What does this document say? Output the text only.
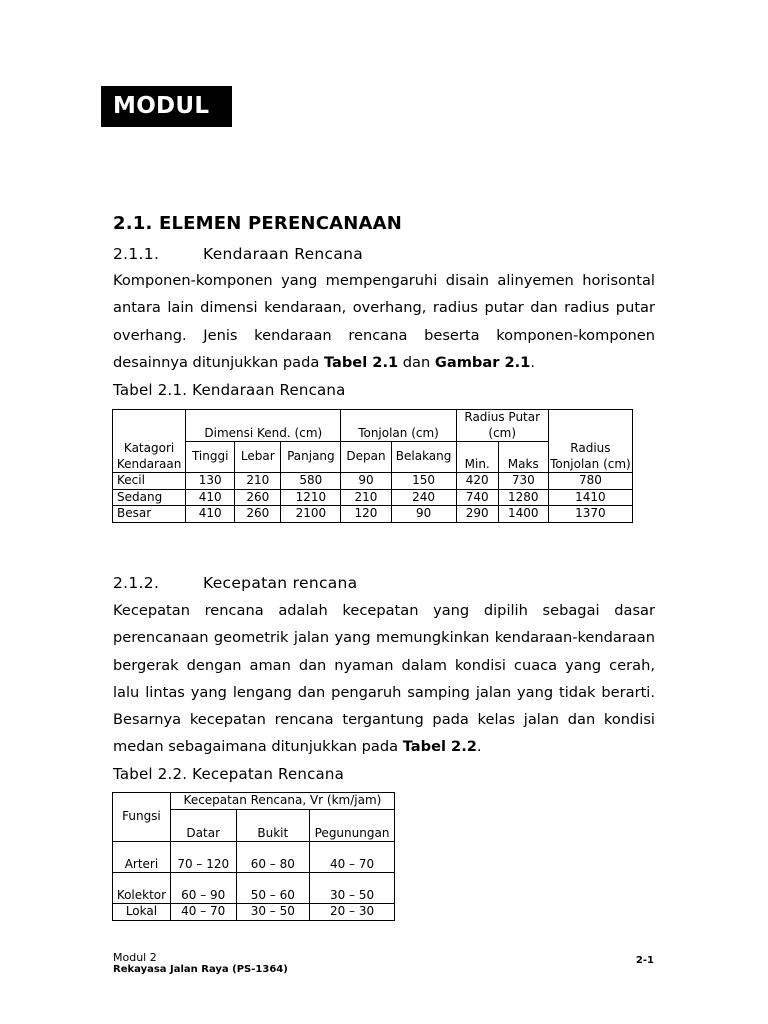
MODUL 2
2.1. ELEMEN PERENCANAAN
2.1.1.	Kendaraan Rencana

Komponen-komponen yang mempengaruhi disain alinyemen horisontal antara lain dimensi kendaraan, overhang, radius putar dan radius putar overhang. Jenis kendaraan rencana beserta komponen-komponen desainnya ditunjukkan pada Tabel 2.1 dan Gambar 2.1.

Tabel 2.1. Kendaraan Rencana
Katagori Kendaraan	Dimensi Kend. (cm)			Tonjolan (cm)		Radius Putar (cm)		Radius Tonjolan (cm)
	Tinggi	Lebar	Panjang	Depan	Belakang	Min.	Maks	
Kecil	130	210	580	90	150	420	730	780
Sedang	410	260	1210	210	240	740	1280	1410
Besar	410	260	2100	120	90	290	1400	1370
2.1.2.	Kecepatan rencana

Kecepatan rencana adalah kecepatan yang dipilih sebagai dasar perencanaan geometrik jalan yang memungkinkan kendaraan-kendaraan bergerak dengan aman dan nyaman dalam kondisi cuaca yang cerah, lalu lintas yang lengang dan pengaruh samping jalan yang tidak berarti. Besarnya kecepatan rencana tergantung pada kelas jalan dan kondisi medan sebagaimana ditunjukkan pada Tabel 2.2.

Tabel 2.2. Kecepatan Rencana
Fungsi	Kecepatan Rencana, Vr (km/jam)		
	Datar	Bukit	Pegunungan
Arteri	70 – 120	60 – 80	40 – 70
Kolektor	60 – 90	50 – 60	30 – 50
Lokal	40 – 70	30 – 50	20 – 30
Modul 2
Rekayasa Jalan Raya (PS-1364)
2-1
